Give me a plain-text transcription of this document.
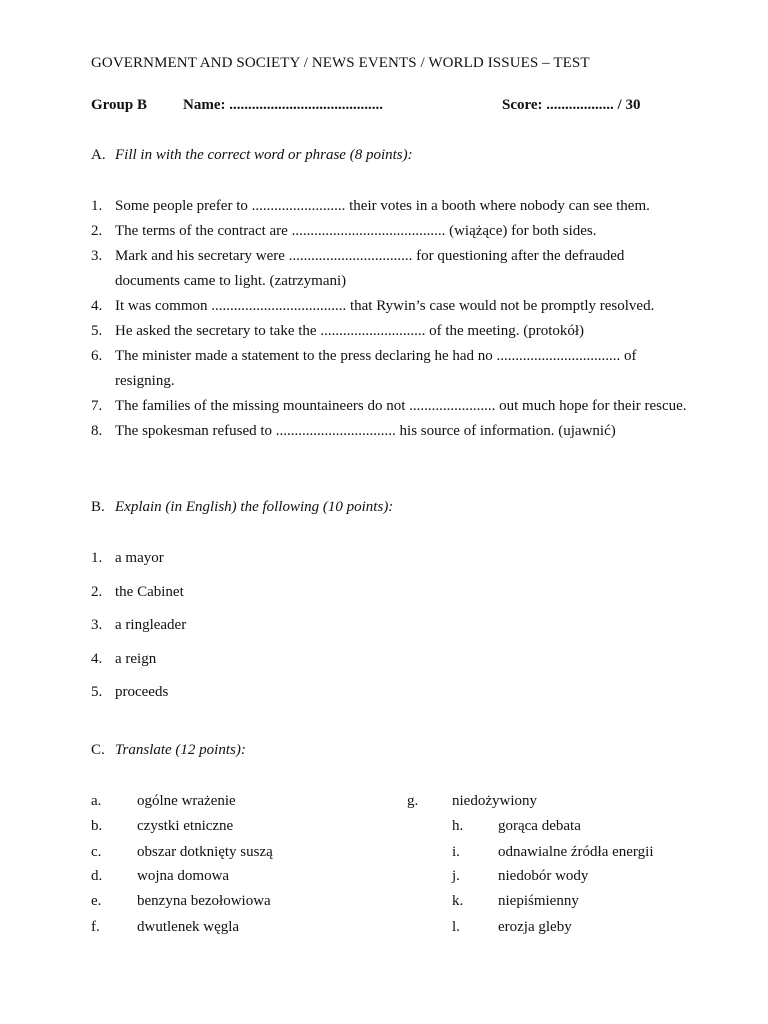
GOVERNMENT AND SOCIETY / NEWS EVENTS / WORLD ISSUES – TEST
Group B Name: .........................................	Score: .................. / 30
A. Fill in with the correct word or phrase (8 points):
1. Some people prefer to ......................... their votes in a booth where nobody can see them.
2. The terms of the contract are ......................................... (wiążące) for both sides.
3. Mark and his secretary were ................................. for questioning after the defrauded documents came to light. (zatrzymani)
4. It was common .................................... that Rywin’s case would not be promptly resolved.
5. He asked the secretary to take the ............................ of the meeting. (protokół)
6. The minister made a statement to the press declaring he had no ................................. of resigning.
7. The families of the missing mountaineers do not ....................... out much hope for their rescue.
8. The spokesman refused to ................................ his source of information. (ujawnić)
B. Explain (in English) the following (10 points):
1. a mayor
2. the Cabinet
3. a ringleader
4. a reign
5. proceeds
C. Translate (12 points):
a. ogólne wrażenie
b. czystki etniczne
c. obszar dotknięty suszą
d. wojna domowa
e. benzyna bezołowiowa
f. dwutlenek węgla
g. niedożywiony
h. gorąca debata
i.	odnawialne źródła energii
j.	niedobór wody
k. niepiśmienny
l.	erozja gleby
